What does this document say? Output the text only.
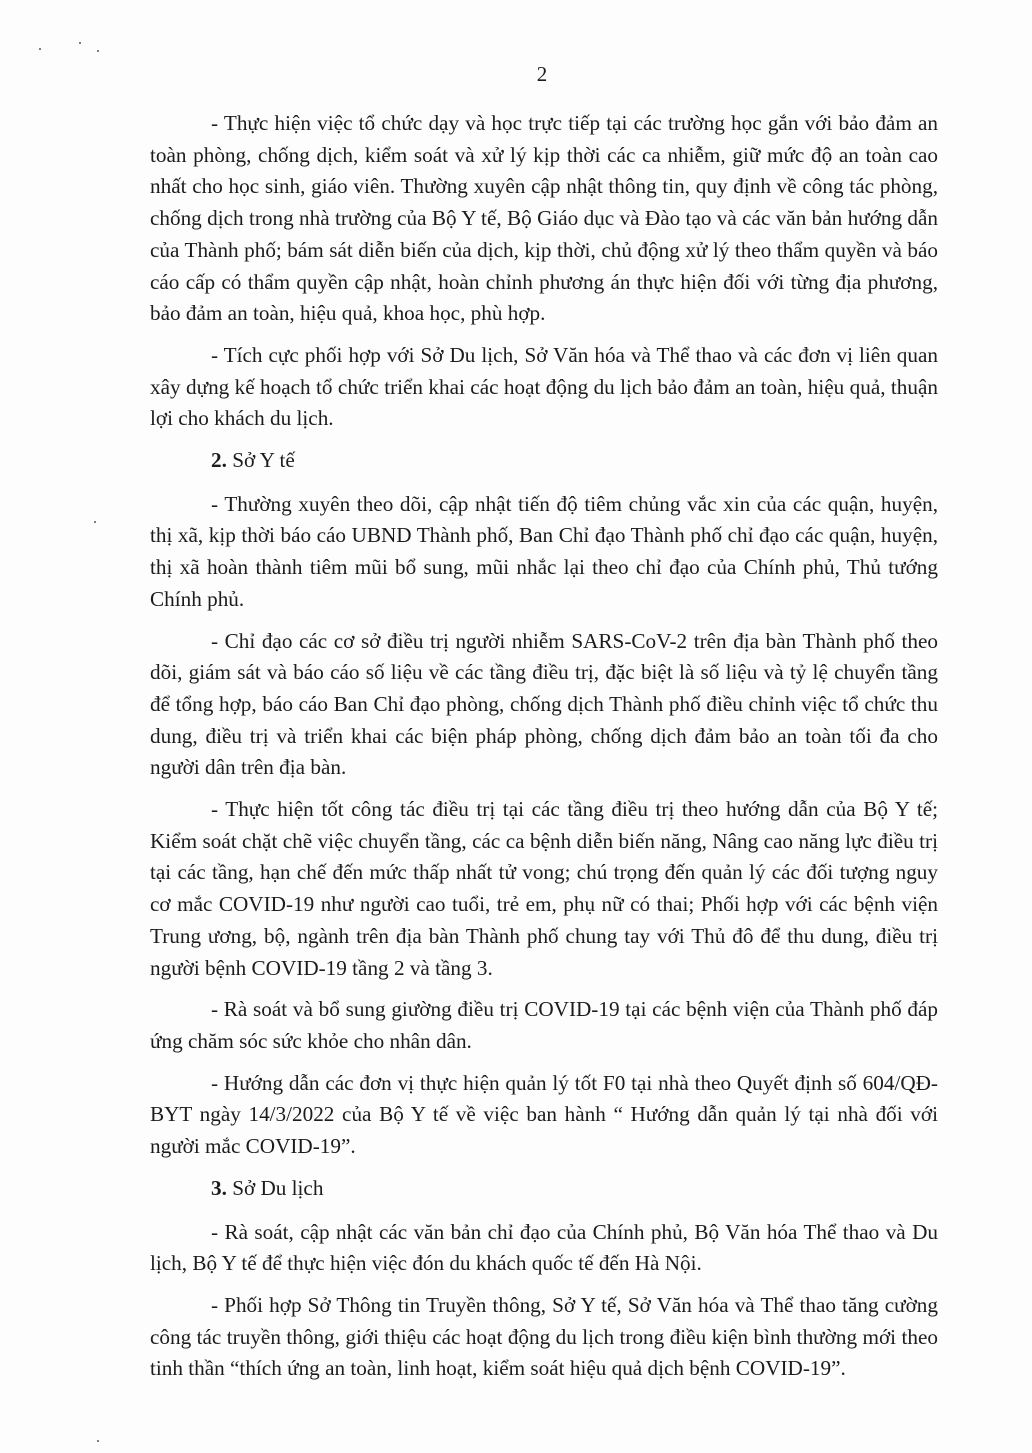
2

- Thực hiện việc tổ chức dạy và học trực tiếp tại các trường học gắn với bảo đảm an toàn phòng, chống dịch, kiểm soát và xử lý kịp thời các ca nhiễm, giữ mức độ an toàn cao nhất cho học sinh, giáo viên. Thường xuyên cập nhật thông tin, quy định về công tác phòng, chống dịch trong nhà trường của Bộ Y tế, Bộ Giáo dục và Đào tạo và các văn bản hướng dẫn của Thành phố; bám sát diễn biến của dịch, kịp thời, chủ động xử lý theo thẩm quyền và báo cáo cấp có thẩm quyền cập nhật, hoàn chỉnh phương án thực hiện đối với từng địa phương, bảo đảm an toàn, hiệu quả, khoa học, phù hợp.

- Tích cực phối hợp với Sở Du lịch, Sở Văn hóa và Thể thao và các đơn vị liên quan xây dựng kế hoạch tổ chức triển khai các hoạt động du lịch bảo đảm an toàn, hiệu quả, thuận lợi cho khách du lịch.

2. Sở Y tế

- Thường xuyên theo dõi, cập nhật tiến độ tiêm chủng vắc xin của các quận, huyện, thị xã, kịp thời báo cáo UBND Thành phố, Ban Chỉ đạo Thành phố chỉ đạo các quận, huyện, thị xã hoàn thành tiêm mũi bổ sung, mũi nhắc lại theo chỉ đạo của Chính phủ, Thủ tướng Chính phủ.

- Chỉ đạo các cơ sở điều trị người nhiễm SARS-CoV-2 trên địa bàn Thành phố theo dõi, giám sát và báo cáo số liệu về các tầng điều trị, đặc biệt là số liệu và tỷ lệ chuyển tầng để tổng hợp, báo cáo Ban Chỉ đạo phòng, chống dịch Thành phố điều chỉnh việc tổ chức thu dung, điều trị và triển khai các biện pháp phòng, chống dịch đảm bảo an toàn tối đa cho người dân trên địa bàn.

- Thực hiện tốt công tác điều trị tại các tầng điều trị theo hướng dẫn của Bộ Y tế; Kiểm soát chặt chẽ việc chuyển tầng, các ca bệnh diễn biến năng, Nâng cao năng lực điều trị tại các tầng, hạn chế đến mức thấp nhất tử vong; chú trọng đến quản lý các đối tượng nguy cơ mắc COVID-19 như người cao tuổi, trẻ em, phụ nữ có thai; Phối hợp với các bệnh viện Trung ương, bộ, ngành trên địa bàn Thành phố chung tay với Thủ đô để thu dung, điều trị người bệnh COVID-19 tầng 2 và tầng 3.

- Rà soát và bổ sung giường điều trị COVID-19 tại các bệnh viện của Thành phố đáp ứng chăm sóc sức khỏe cho nhân dân.

- Hướng dẫn các đơn vị thực hiện quản lý tốt F0 tại nhà theo Quyết định số 604/QĐ-BYT ngày 14/3/2022 của Bộ Y tế về việc ban hành “ Hướng dẫn quản lý tại nhà đối với người mắc COVID-19”.

3. Sở Du lịch

- Rà soát, cập nhật các văn bản chỉ đạo của Chính phủ, Bộ Văn hóa Thể thao và Du lịch, Bộ Y tế để thực hiện việc đón du khách quốc tế đến Hà Nội.

- Phối hợp Sở Thông tin Truyền thông, Sở Y tế, Sở Văn hóa và Thể thao tăng cường công tác truyền thông, giới thiệu các hoạt động du lịch trong điều kiện bình thường mới theo tinh thần “thích ứng an toàn, linh hoạt, kiểm soát hiệu quả dịch bệnh COVID-19”.
